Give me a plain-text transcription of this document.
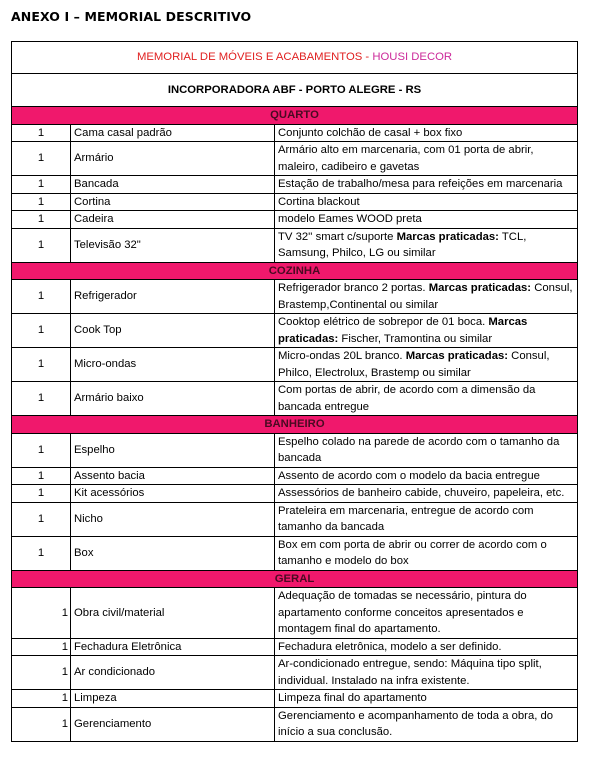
ANEXO I – MEMORIAL DESCRITIVO
MEMORIAL DE MÓVEIS E ACABAMENTOS - HOUSI DECOR		
INCORPORADORA ABF - PORTO ALEGRE - RS		
QUARTO		
1	Cama casal padrão	Conjunto colchão de casal + box fixo
1	Armário	Armário alto em marcenaria, com 01 porta de abrir, maleiro, cadibeiro e gavetas
1	Bancada	Estação de trabalho/mesa para refeições em marcenaria
1	Cortina	Cortina blackout
1	Cadeira	modelo Eames WOOD preta
1	Televisão 32"	TV 32'' smart c/suporte Marcas praticadas: TCL, Samsung, Philco, LG ou similar
COZINHA		
1	Refrigerador	Refrigerador branco 2 portas. Marcas praticadas: Consul, Brastemp,Continental ou similar
1	Cook Top	Cooktop elétrico de sobrepor de 01 boca. Marcas praticadas: Fischer, Tramontina ou similar
1	Micro-ondas	Micro-ondas 20L branco. Marcas praticadas: Consul, Philco, Electrolux, Brastemp ou similar
1	Armário baixo	Com portas de abrir, de acordo com a dimensão da bancada entregue
BANHEIRO		
1	Espelho	Espelho colado na parede de acordo com o tamanho da bancada
1	Assento bacia	Assento de acordo com o modelo da bacia entregue
1	Kit acessórios	Assessórios de banheiro cabide, chuveiro, papeleira, etc.
1	Nicho	Prateleira em marcenaria, entregue de acordo com tamanho da bancada
1	Box	Box em com porta de abrir ou correr de acordo com o tamanho e modelo do box
GERAL		
1	Obra civil/material	Adequação de tomadas se necessário, pintura do apartamento conforme conceitos apresentados e montagem final do apartamento.
1	Fechadura Eletrônica	Fechadura eletrônica, modelo a ser definido.
1	Ar condicionado	Ar-condicionado entregue, sendo: Máquina tipo split, individual. Instalado na infra existente.
1	Limpeza	Limpeza final do apartamento
1	Gerenciamento	Gerenciamento e acompanhamento de toda a obra, do início a sua conclusão.
